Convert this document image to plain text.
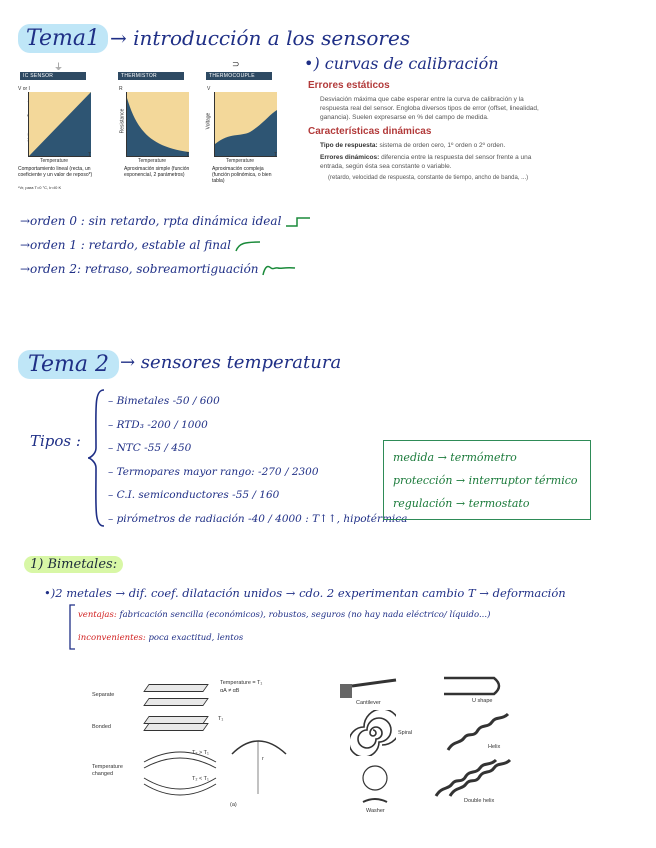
Tema1 → introducción a los sensores
⏚
IC SENSOR
V or I
T
Temperature
Comportamiento lineal (recta, un coeficiente y un valor de reposo*)
*Vr, para T=0 °C, Ir=I0 K
THERMISTOR
R
Resistance
T
Temperature
Aproximación simple (función exponencial, 2 parámetros)
⊃
THERMOCOUPLE
V
Voltage
T
Temperature
Aproximación compleja (función polinómica, o bien tabla)
•) curvas de calibración
Errores estáticos
Desviación máxima que cabe esperar entre la curva de calibración y la respuesta real del sensor. Engloba diversos tipos de error (offset, linealidad, ganancia). Suelen expresarse en % del campo de medida.
Características dinámicas
Tipo de respuesta: sistema de orden cero, 1º orden o 2º orden.
Errores dinámicos: diferencia entre la respuesta del sensor frente a una entrada, según ésta sea constante o variable.
(retardo, velocidad de respuesta, constante de tiempo, ancho de banda, ...)
→orden 0 : sin retardo, rpta dinámica ideal
→orden 1 : retardo, estable al final
→orden 2: retraso, sobreamortiguación
Tema 2 → sensores temperatura
Tipos :
– Bimetales -50 / 600
– RTD₃ -200 / 1000
– NTC -55 / 450
– Termopares mayor rango: -270 / 2300
– C.I. semiconductores -55 / 160
– pirómetros de radiación -40 / 4000 : T↑↑, hipotérmica
medida → termómetro
protección → interruptor térmico
regulación → termostato
1) Bimetales:
•)2 metales → dif. coef. dilatación unidos → cdo. 2 experimentan cambio T → deformación
ventajas: fabricación sencilla (económicos), robustos, seguros (no hay nada eléctrico/ líquido...)
inconvenientes: poca exactitud, lentos
Separate
Bonded
Temperature changed
Temperature = T₁
αA ≠ αB
T₁
T₂ > T₁
T₂ < T₁
r
(a)
Cantilever	U shape
Spiral
Helix
Washer
Double helix
